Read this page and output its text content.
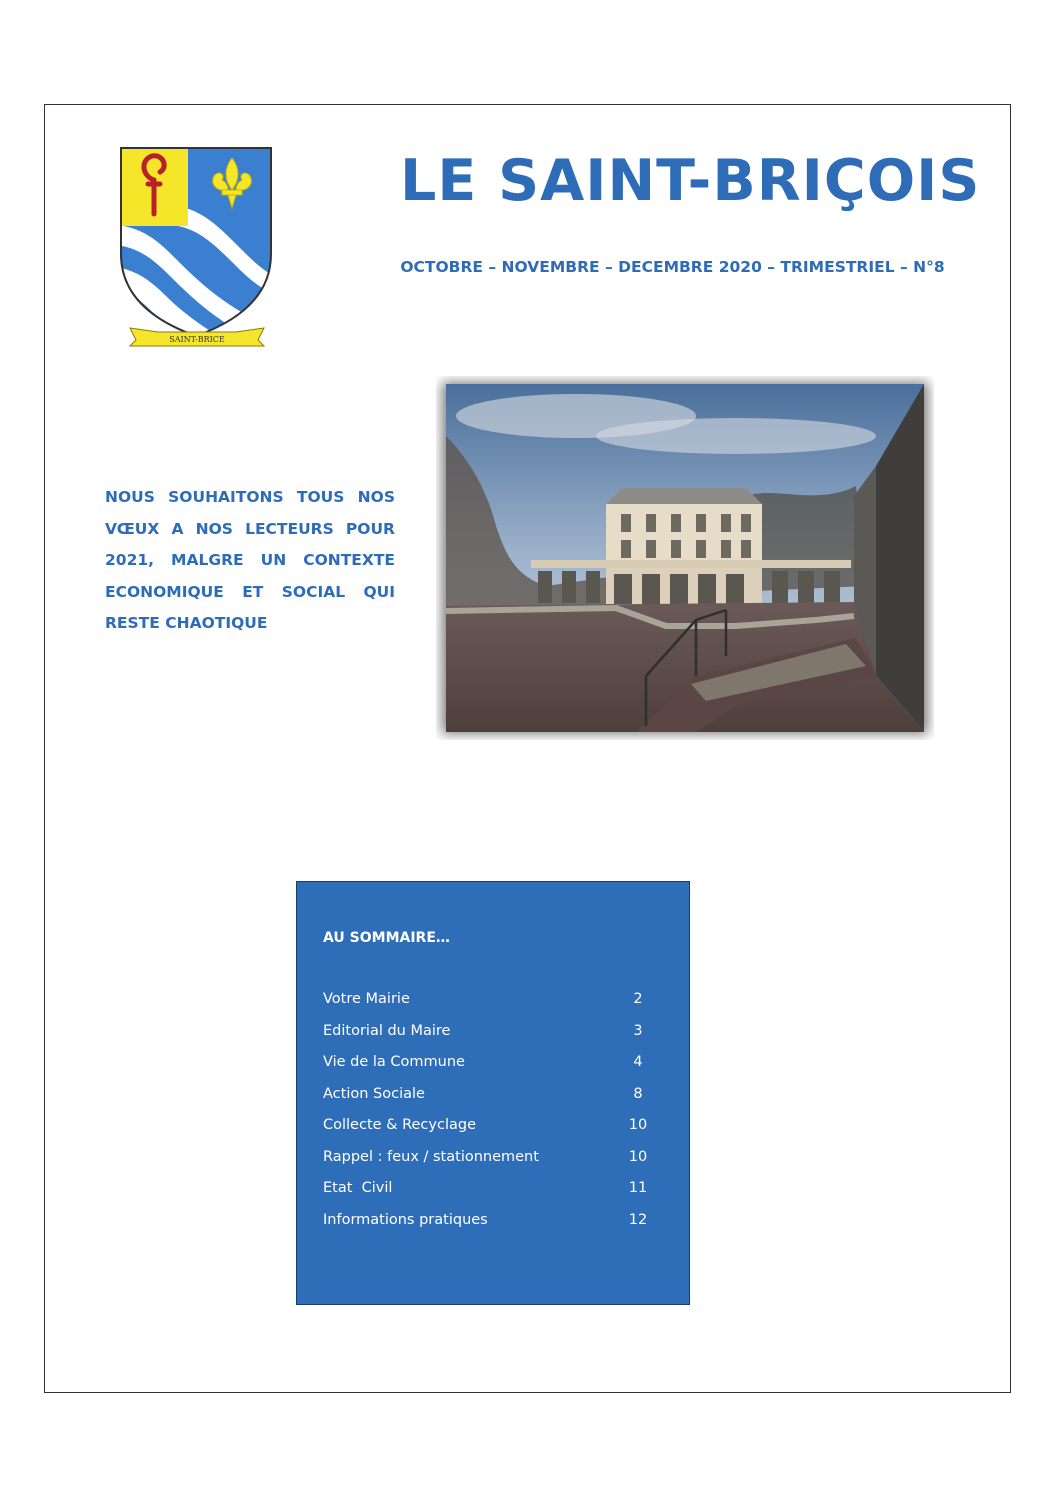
SAINT-BRICE
LE SAINT-BRIÇOIS
OCTOBRE – NOVEMBRE – DECEMBRE 2020 – TRIMESTRIEL – N°8
NOUS SOUHAITONS TOUS NOS VŒUX A NOS LECTEURS POUR 2021, MALGRE UN CONTEXTE ECONOMIQUE ET SOCIAL QUI RESTE CHAOTIQUE
AU SOMMAIRE…
Votre Mairie	2
Editorial du Maire	3
Vie de la Commune	4
Action Sociale	8
Collecte & Recyclage	10
Rappel : feux / stationnement	10
Etat  Civil	11
Informations pratiques	12
